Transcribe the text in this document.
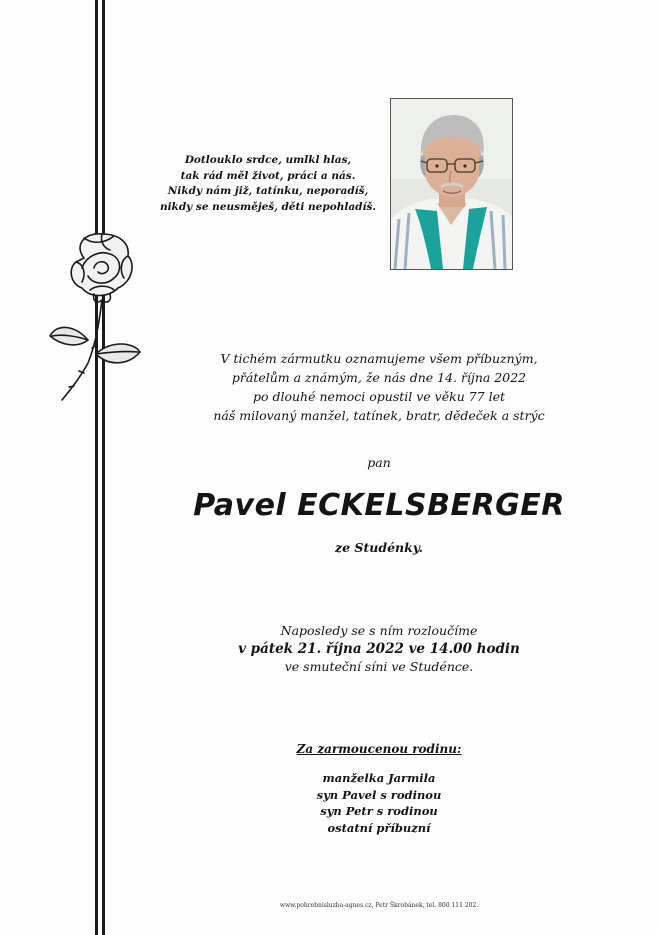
Dotlouklo srdce, umlkl hlas,
tak rád měl život, práci a nás.
Nikdy nám již, tatínku, neporadíš,
nikdy se neusměješ, děti nepohladíš.
V tichém zármutku oznamujeme všem příbuzným,
přátelům a známým, že nás dne 14. října 2022
po dlouhé nemoci opustil ve věku 77 let
náš milovaný manžel, tatínek, bratr, dědeček a strýc
pan
Pavel ECKELSBERGER
ze Studénky.
Naposledy se s ním rozloučíme
v pátek 21. října 2022 ve 14.00 hodin
ve smuteční síni ve Studénce.
Za zarmoucenou rodinu:
manželka Jarmila
syn Pavel s rodinou
syn Petr s rodinou
ostatní příbuzní
www.pohrebnisluzba-agnes.cz, Petr Škrobánek, tel. 800 111 202.
